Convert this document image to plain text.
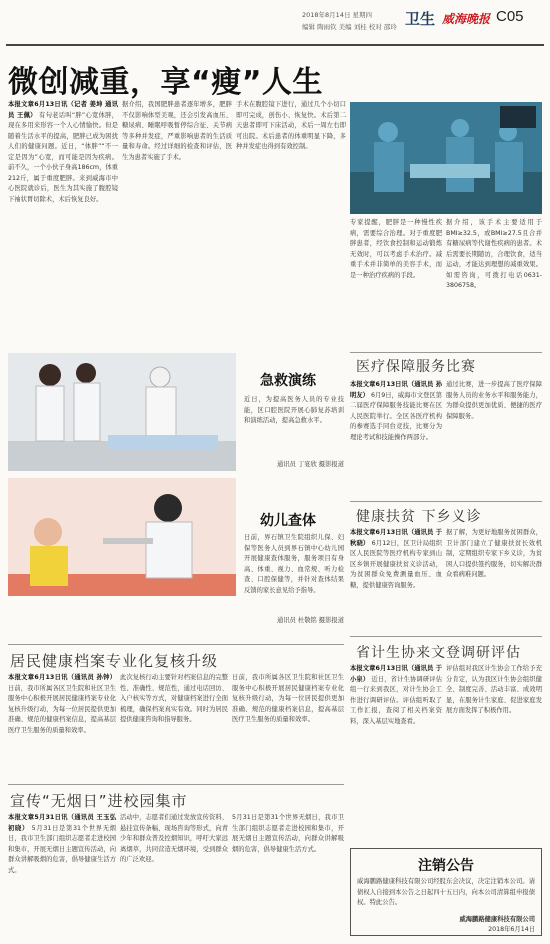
2018年8月14日 星期四
编辑 陶雨钦 美编 刘桂 校对 邵玲 卫生 威海晚报 C05
微创减重，享“瘦”人生
本报文章6月13日讯（记者 姜坤 通讯员 王佩） 有句老话叫“胖”心宽体胖，现在多用来形容一个人心情愉快。但是随着生活水平的提高，肥胖已成为困扰人们的健康问题。近日，“体胖”“不一定是因为”心宽，而可能是因为疾病。前不久，一个小伙子身高186cm，体重212斤，属于重度肥胖。来到威海市中心医院就诊后，医生为其实施了腹腔镜下袖状胃切除术，术后恢复良好。
据介绍，我国肥胖患者逐年增多，肥胖不仅影响体型美观，还会引发高血压、糖尿病、睡眠呼吸暂停综合征、关节病等多种并发症，严重影响患者的生活质量和寿命。经过详细的检查和评估，医生为患者实施了手术。
手术在腹腔镜下进行，通过几个小切口即可完成，创伤小、恢复快。术后第二天患者即可下床活动，术后一周左右即可出院。术后患者的体重明显下降，多种并发症也得到有效控制。
专家提醒，肥胖是一种慢性疾病，需要综合治理。对于重度肥胖患者，经饮食控制和运动锻炼无效时，可以考虑手术治疗。减重手术并非简单的美容手术，而是一种治疗疾病的手段。
据介绍，该手术主要适用于BMI≥32.5，或BMI≥27.5且合并有糖尿病等代谢性疾病的患者。术后需要长期随访，合理饮食，适当运动，才能达到理想的减重效果。如需咨询，可拨打电话0631-3806758。
急救演练
近日，为提高医务人员的专业技能，区口腔医院开展心肺复苏培训和演练活动，提高急救水平。
通讯员 丁宴欣 摄影报道
幼儿查体
日前，界石镇卫生院组织儿保、妇保等医务人员到界石镇中心幼儿园开展健康查体服务，服务项目有身高、体重、视力、血常规、听力检查、口腔保健等，并针对查体结果反馈的家长意见给予指导。
通讯员 杜敬铭 摄影报道
居民健康档案专业化复核升级
本报文章6月13日讯（通讯员 孙钟） 日前，我市所属各区卫生院和社区卫生服务中心积极开展居民健康档案专业化复核升级行动，为每一位居民提供更加准确、规范的健康档案信息，提高基层医疗卫生服务的质量和效率。
此次复核行动主要针对档案信息的完整性、准确性、规范性，通过电话回访、入户核实等方式，对健康档案进行全面梳理，确保档案真实有效。同时为居民提供健康咨询和指导服务。
日前，我市所属各区卫生院和社区卫生服务中心积极开展居民健康档案专业化复核升级行动，为每一位居民提供更加准确、规范的健康档案信息，提高基层医疗卫生服务的质量和效率。
宣传“无烟日”进校园集市
本报文章5月31日讯（通讯员 王玉弘 初晓） 5月31日是第31个世界无烟日，我市卫生部门组织志愿者走进校园和集市，开展无烟日主题宣传活动，向群众讲解吸烟的危害，倡导健康生活方式。
活动中，志愿者们通过发放宣传资料、悬挂宣传条幅、现场咨询等形式，向青少年和群众普及控烟知识，呼吁大家远离烟草，共同营造无烟环境，受到群众的广泛欢迎。
5月31日是第31个世界无烟日，我市卫生部门组织志愿者走进校园和集市，开展无烟日主题宣传活动，向群众讲解吸烟的危害，倡导健康生活方式。
医疗保障服务比赛
本报文章6月13日讯（通讯员 孙明友） 6月9日，威海市文登区第二届医疗保障服务技能比赛在区人民医院举行。全区各医疗机构的参赛选手同台竞技，比赛分为理论考试和技能操作两部分。
通过比赛，进一步提高了医疗保障服务人员的业务水平和服务能力，为群众提供更加优质、便捷的医疗保障服务。
健康扶贫 下乡义诊
本报文章6月13日讯（通讯员 于秋晓） 6月12日，区卫计局组织区人民医院等医疗机构专家到山区乡镇开展健康扶贫义诊活动，为贫困群众免费测量血压、血糖，提供健康咨询服务。
据了解，为更好地服务贫困群众，卫计部门建立了健康扶贫长效机制，定期组织专家下乡义诊，为贫困人口提供签约服务，切实解决群众看病难问题。
省计生协来文登调研评估
本报文章6月13日讯（通讯员 于小泉） 近日，省计生协调研评估组一行来到我区，对计生协会工作进行调研评估。评估组听取了工作汇报，查阅了相关档案资料，深入基层实地查看。
评估组对我区计生协会工作给予充分肯定，认为我区计生协会组织健全、制度完善、活动丰富、成效明显，在服务计生家庭、促进家庭发展方面发挥了积极作用。
注销公告
威海鹏路健康科技有限公司经股东会决议，决定注销本公司。请债权人自接到本公告之日起四十五日内，向本公司清算组申报债权。特此公告。
威海鹏路健康科技有限公司
2018年6月14日
